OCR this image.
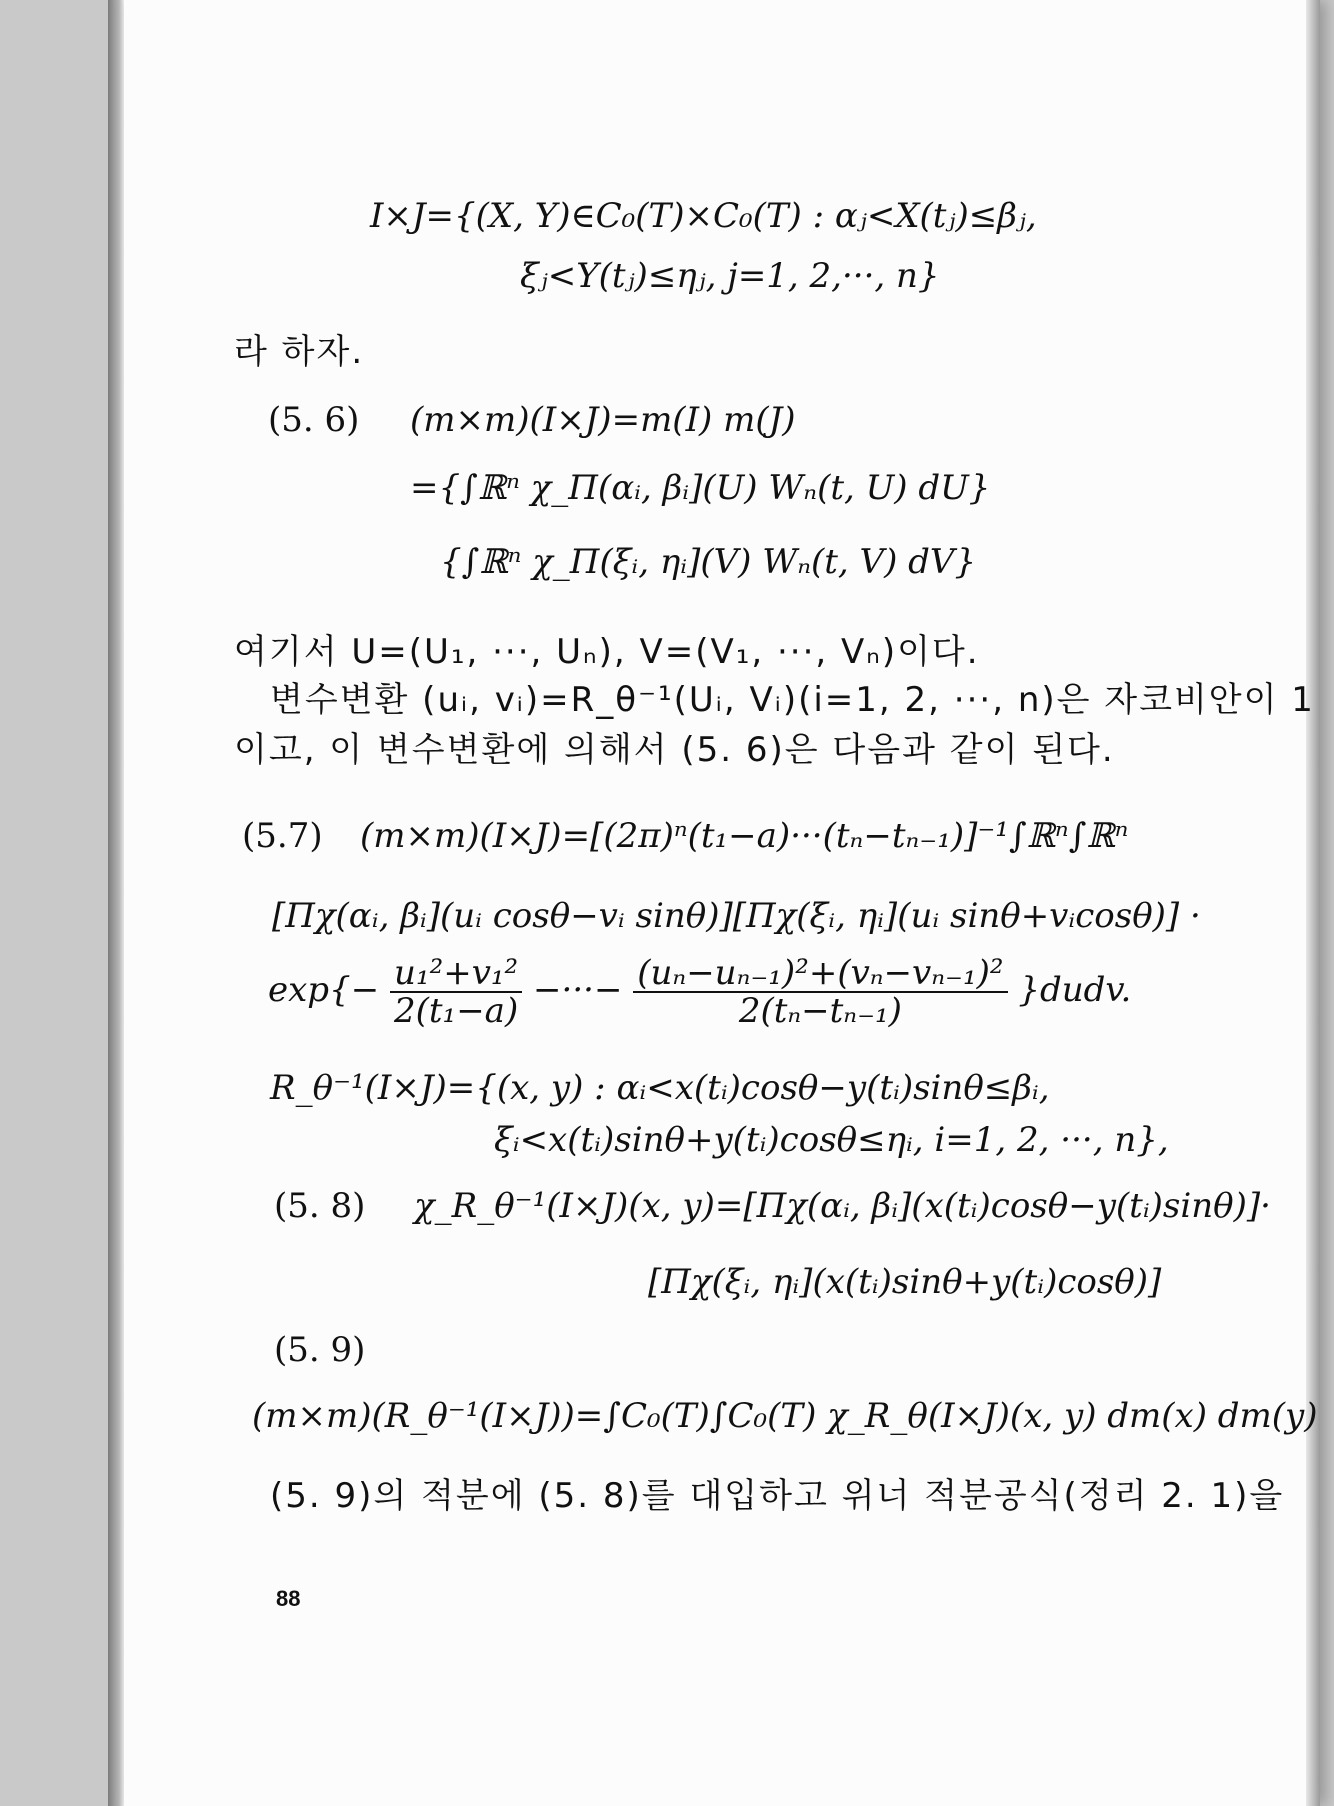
I×J={(X, Y)∈C₀(T)×C₀(T) : αⱼ<X(tⱼ)≤βⱼ,
ξⱼ<Y(tⱼ)≤ηⱼ, j=1, 2,···, n}
라 하자.
(5. 6) (m×m)(I×J)=m(I) m(J)
={∫ℝⁿ χ_Π(αᵢ, βᵢ](U) Wₙ(t, U) dU}
{∫ℝⁿ χ_Π(ξᵢ, ηᵢ](V) Wₙ(t, V) dV}
여기서 U=(U₁, ···, Uₙ), V=(V₁, ···, Vₙ)이다.
변수변환 (uᵢ, vᵢ)=R_θ⁻¹(Uᵢ, Vᵢ)(i=1, 2, ···, n)은 자코비안이 1
이고, 이 변수변환에 의해서 (5. 6)은 다음과 같이 된다.
(5.7) (m×m)(I×J)=[(2π)ⁿ(t₁−a)···(tₙ−tₙ₋₁)]⁻¹∫ℝⁿ∫ℝⁿ
[Πχ(αᵢ, βᵢ](uᵢ cosθ−vᵢ sinθ)][Πχ(ξᵢ, ηᵢ](uᵢ sinθ+vᵢcosθ)] ·
$\exp\{- \frac{\text{u₁²+v₁²}}{\text{2(t₁−a)}}$ −···− $\frac{\text{(uₙ−uₙ₋₁)²+(vₙ−vₙ₋₁)²}}{\text{2(tₙ−tₙ₋₁)}}$ }dudv.
R_θ⁻¹(I×J)={(x, y) : αᵢ<x(tᵢ)cosθ−y(tᵢ)sinθ≤βᵢ,
ξᵢ<x(tᵢ)sinθ+y(tᵢ)cosθ≤ηᵢ, i=1, 2, ···, n},
(5. 8) χ_R_θ⁻¹(I×J)(x, y)=[Πχ(αᵢ, βᵢ](x(tᵢ)cosθ−y(tᵢ)sinθ)]·
[Πχ(ξᵢ, ηᵢ](x(tᵢ)sinθ+y(tᵢ)cosθ)]
(5. 9)
(m×m)(R_θ⁻¹(I×J))=∫C₀(T)∫C₀(T) χ_R_θ(I×J)(x, y) dm(x) dm(y)
(5. 9)의 적분에 (5. 8)를 대입하고 위너 적분공식(정리 2. 1)을
88
